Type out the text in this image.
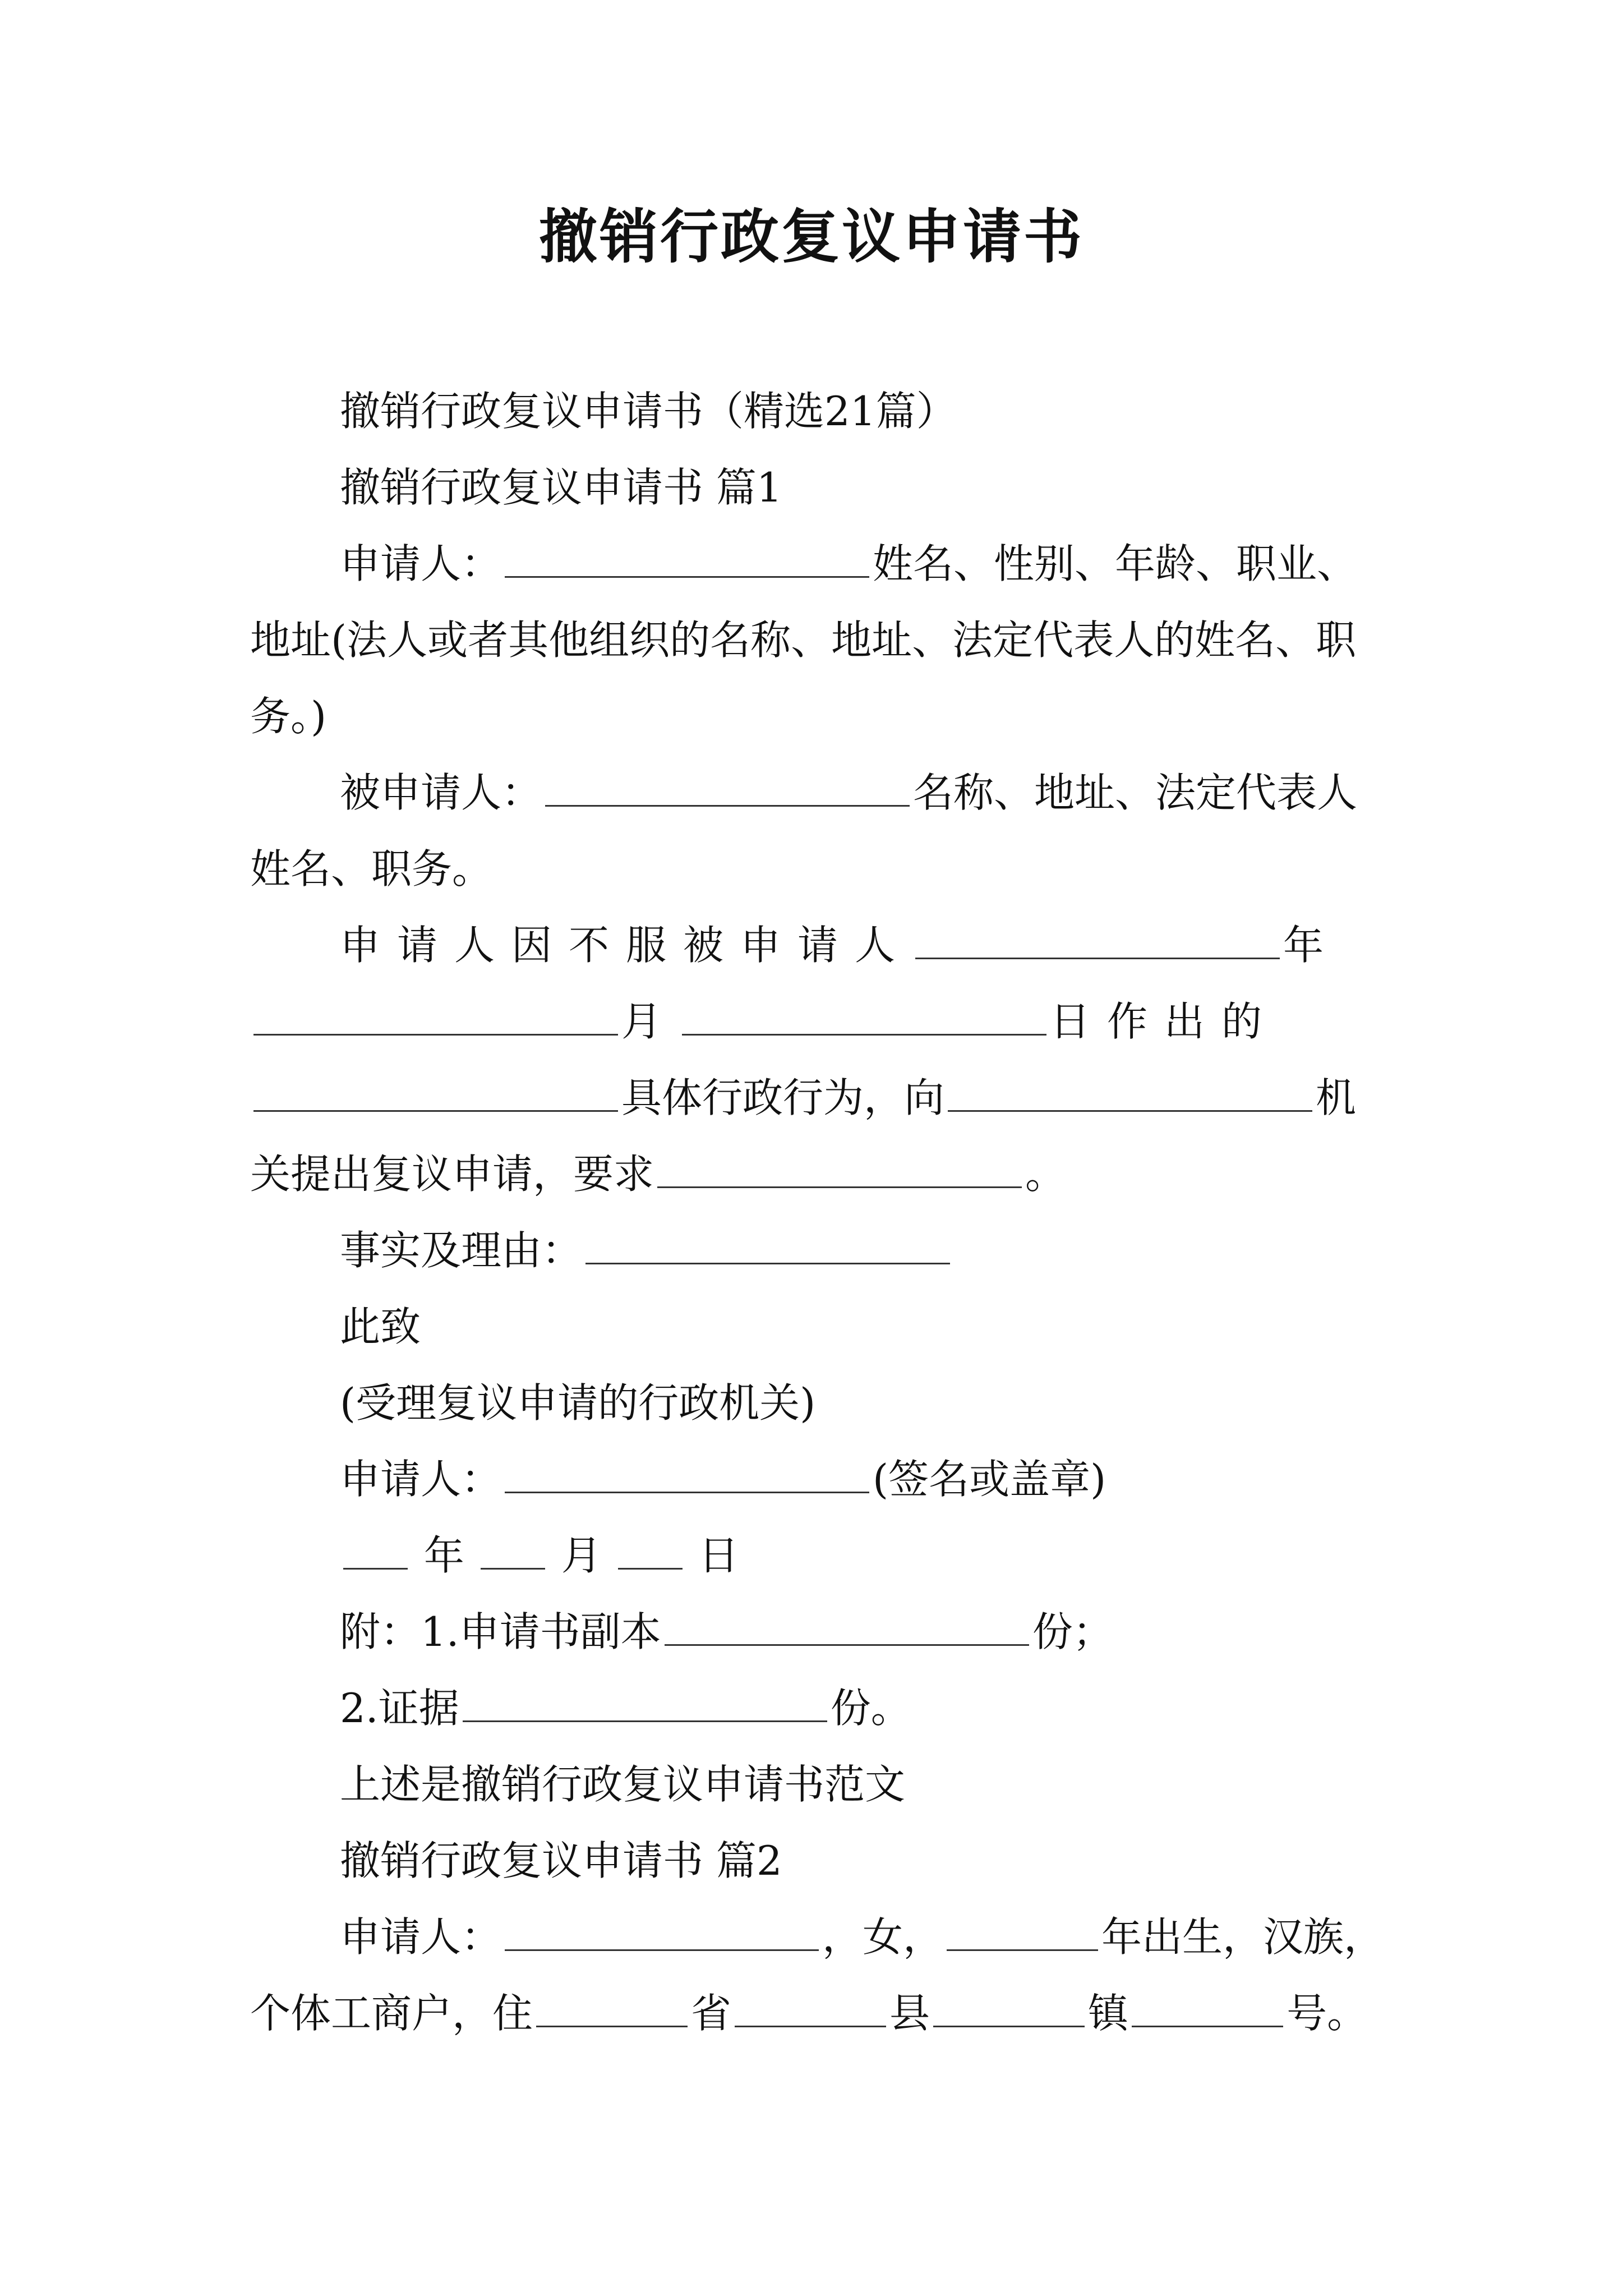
撤销行政复议申请书

撤销行政复议申请书（精选21篇）

撤销行政复议申请书 篇1

申请人：	姓名、性别、年龄、职业、地址(法人或者其他组织的名称、地址、法定代表人的姓名、职务。)

被申请人：	名称、地址、法定代表人姓名、职务。

申请人因不服被申请人	年月	日作出的具体行政行为，向	机关提出复议申请，要求	。

事实及理由：

此致

(受理复议申请的行政机关)

申请人：	(签名或盖章)

年 月 日

附：1.申请书副本	份；

2.证据	份。

上述是撤销行政复议申请书范文

撤销行政复议申请书 篇2

申请人：	，女，	年出生，汉族，个体工商户，住	省	县	镇	号。
